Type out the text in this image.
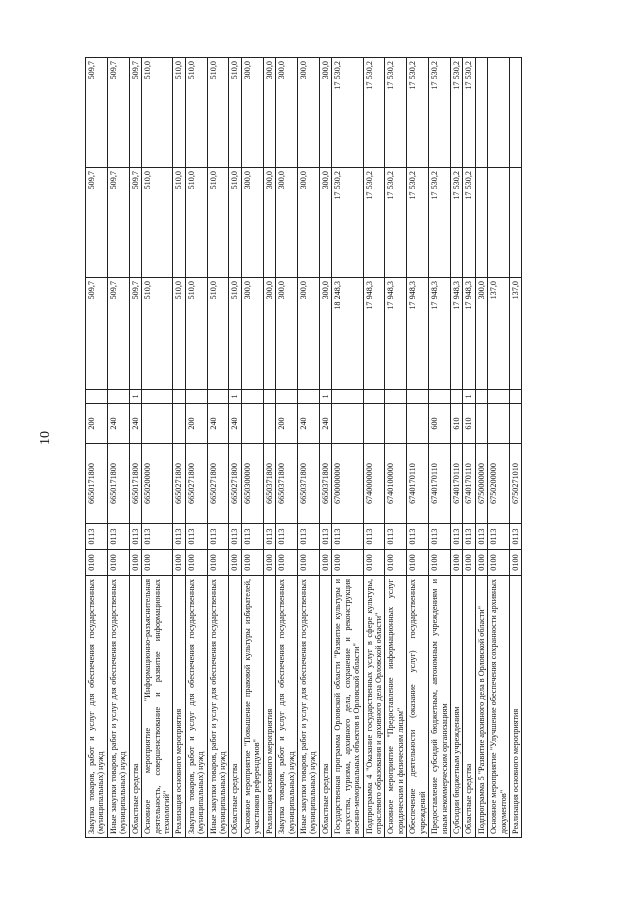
10
Закупка товаров, работ и услуг для обеспечения государственных (муниципальных) нужд	0100	0113	6650171800	200		509,7	509,7	509,7
Иные закупки товаров, работ и услуг для обеспечения государственных (муниципальных) нужд	0100	0113	6650171800	240		509,7	509,7	509,7
Областные средства	0100	0113	6650171800	240	1	509,7	509,7	509,7
Основное мероприятие "Информационно-разъяснительная деятельность, совершенствование и развитие информационных технологий"	0100	0113	6650200000			510,0	510,0	510,0
Реализация основного мероприятия	0100	0113	6650271800			510,0	510,0	510,0
Закупка товаров, работ и услуг для обеспечения государственных (муниципальных) нужд	0100	0113	6650271800	200		510,0	510,0	510,0
Иные закупки товаров, работ и услуг для обеспечения государственных (муниципальных) нужд	0100	0113	6650271800	240		510,0	510,0	510,0
Областные средства	0100	0113	6650271800	240	1	510,0	510,0	510,0
Основное мероприятие "Повышение правовой культуры избирателей, участников референдумов"	0100	0113	6650300000			300,0	300,0	300,0
Реализация основного мероприятия	0100	0113	6650371800			300,0	300,0	300,0
Закупка товаров, работ и услуг для обеспечения государственных (муниципальных) нужд	0100	0113	6650371800	200		300,0	300,0	300,0
Иные закупки товаров, работ и услуг для обеспечения государственных (муниципальных) нужд	0100	0113	6650371800	240		300,0	300,0	300,0
Областные средства	0100	0113	6650371800	240	1	300,0	300,0	300,0
Государственная программа Орловской области "Развитие культуры и искусства, туризма, архивного дела, сохранение и реконструкция военно-мемориальных объектов в Орловской области"	0100	0113	6700000000			18 248,3	17 530,2	17 530,2
Подпрограмма 4 "Оказание государственных услуг в сфере культуры, отраслевого образования и архивного дела Орловской области"	0100	0113	6740000000			17 948,3	17 530,2	17 530,2
Основное мероприятие "Предоставление информационных услуг юридическим и физическим лицам"	0100	0113	6740100000			17 948,3	17 530,2	17 530,2
Обеспечение деятельности (оказание услуг) государственных учреждений	0100	0113	6740170110			17 948,3	17 530,2	17 530,2
Предоставление субсидий бюджетным, автономным учреждениям и иным некоммерческим организациям	0100	0113	6740170110	600		17 948,3	17 530,2	17 530,2
Субсидии бюджетным учреждениям	0100	0113	6740170110	610		17 948,3	17 530,2	17 530,2
Областные средства	0100	0113	6740170110	610	1	17 948,3	17 530,2	17 530,2
Подпрограмма 5 "Развитие архивного дела в Орловской области"	0100	0113	6750000000			300,0		
Основное мероприятие "Улучшение обеспечения сохранности архивных документов"	0100	0113	6750200000			137,0		
Реализация основного мероприятия	0100	0113	6750271010			137,0		
